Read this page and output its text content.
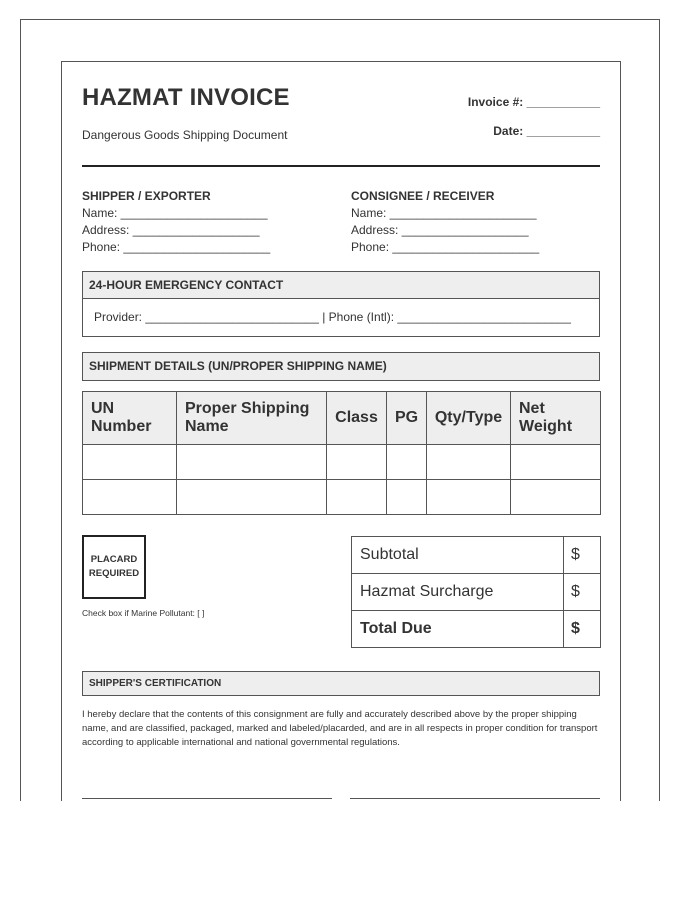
HAZMAT INVOICE
Dangerous Goods Shipping Document
Invoice #: ___________
Date: ___________
SHIPPER / EXPORTER
Name: ______________________
Address: ___________________
Phone: ______________________
CONSIGNEE / RECEIVER
Name: ______________________
Address: ___________________
Phone: ______________________
24-HOUR EMERGENCY CONTACT
Provider: __________________________ | Phone (Intl): __________________________
SHIPMENT DETAILS (UN/PROPER SHIPPING NAME)
UN Number	Proper Shipping Name	Class	PG	Qty/Type	Net Weight

PLACARD REQUIRED
Check box if Marine Pollutant: [ ]
Subtotal	$
Hazmat Surcharge	$
Total Due	$
SHIPPER'S CERTIFICATION
I hereby declare that the contents of this consignment are fully and accurately described above by the proper shipping name, and are classified, packaged, marked and labeled/placarded, and are in all respects in proper condition for transport according to applicable international and national governmental regulations.
